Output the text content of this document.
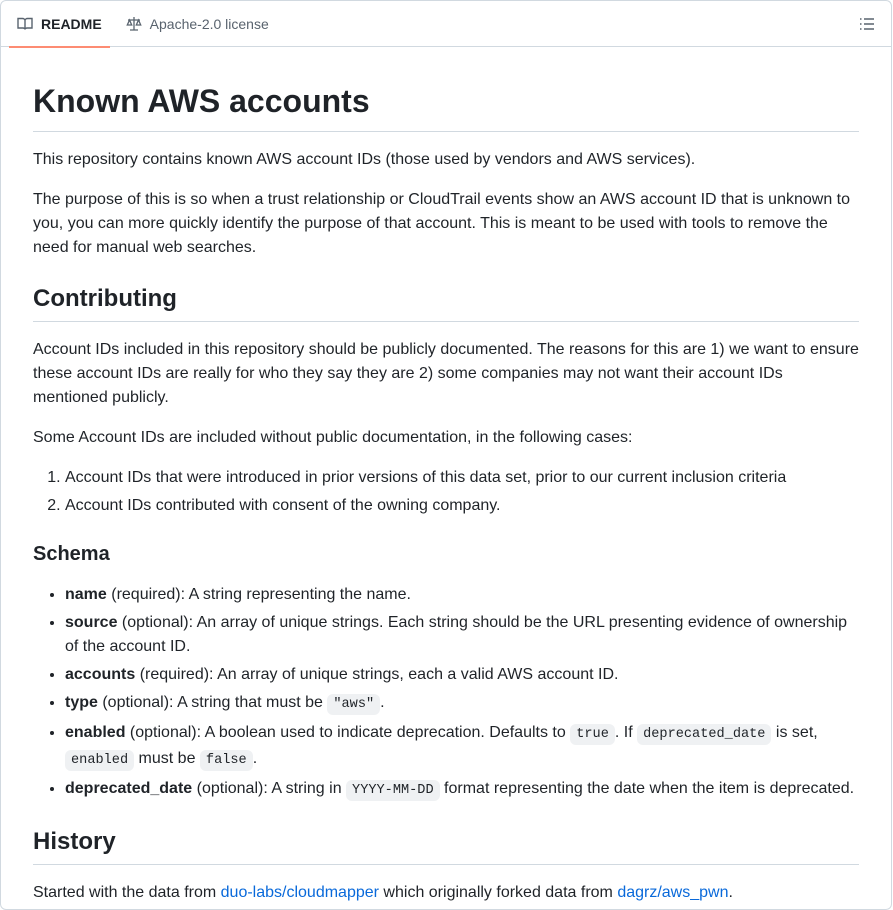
README	Apache-2.0 license
Known AWS accounts

This repository contains known AWS account IDs (those used by vendors and AWS services).

The purpose of this is so when a trust relationship or CloudTrail events show an AWS account ID that is unknown to you, you can more quickly identify the purpose of that account. This is meant to be used with tools to remove the need for manual web searches.

Contributing

Account IDs included in this repository should be publicly documented. The reasons for this are 1) we want to ensure these account IDs are really for who they say they are 2) some companies may not want their account IDs mentioned publicly.

Some Account IDs are included without public documentation, in the following cases:

1. Account IDs that were introduced in prior versions of this data set, prior to our current inclusion criteria
2. Account IDs contributed with consent of the owning company.
Schema
• name (required): A string representing the name.
• source (optional): An array of unique strings. Each string should be the URL presenting evidence of ownership of the account ID.
• accounts (required): An array of unique strings, each a valid AWS account ID.
• type (optional): A string that must be "aws" .
• enabled (optional): A boolean used to indicate deprecation. Defaults to true . If deprecated_date is set, enabled must be false .
• deprecated_date (optional): A string in YYYY-MM-DD format representing the date when the item is deprecated.
History

Started with the data from duo-labs/cloudmapper which originally forked data from dagrz/aws_pwn.
